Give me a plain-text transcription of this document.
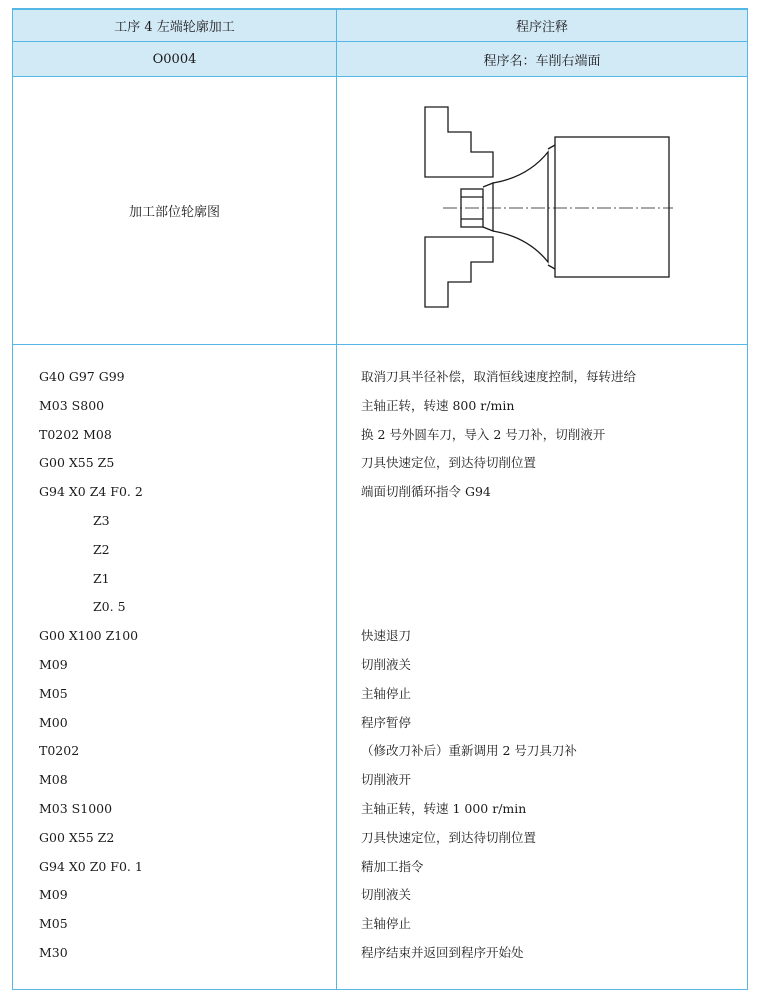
工序 4 左端轮廓加工	程序注释
O0004	程序名：车削右端面
加工部位轮廓图
G40 G97 G99	取消刀具半径补偿，取消恒线速度控制，每转进给
M03 S800	主轴正转，转速 800 r/min
T0202 M08	换 2 号外圆车刀，导入 2 号刀补，切削液开
G00 X55 Z5	刀具快速定位，到达待切削位置
G94 X0 Z4 F0. 2	端面切削循环指令 G94
Z3
Z2
Z1
Z0. 5
G00 X100 Z100	快速退刀
M09	切削液关
M05	主轴停止
M00	程序暂停
T0202	（修改刀补后）重新调用 2 号刀具刀补
M08	切削液开
M03 S1000	主轴正转，转速 1 000 r/min
G00 X55 Z2	刀具快速定位，到达待切削位置
G94 X0 Z0 F0. 1	精加工指令
M09	切削液关
M05	主轴停止
M30	程序结束并返回到程序开始处
